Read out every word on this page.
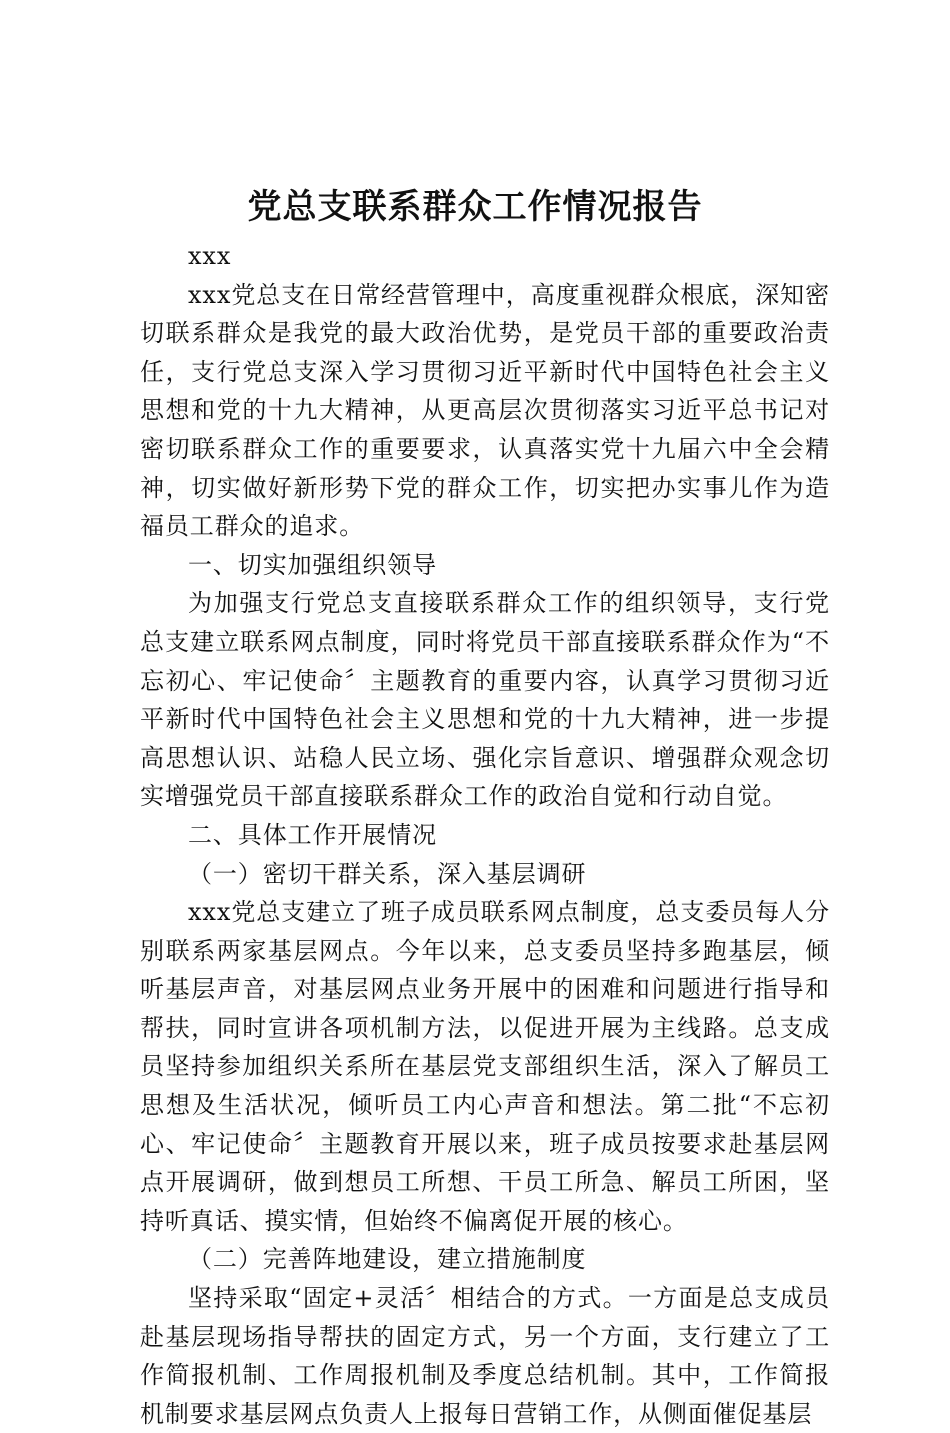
党总支联系群众工作情况报告

xxx

xxx党总支在日常经营管理中，高度重视群众根底，深知密切联系群众是我党的最大政治优势，是党员干部的重要政治责任，支行党总支深入学习贯彻习近平新时代中国特色社会主义思想和党的十九大精神，从更高层次贯彻落实习近平总书记对密切联系群众工作的重要要求，认真落实党十九届六中全会精神，切实做好新形势下党的群众工作，切实把办实事儿作为造福员工群众的追求。

一、切实加强组织领导

为加强支行党总支直接联系群众工作的组织领导，支行党总支建立联系网点制度，同时将党员干部直接联系群众作为“不忘初心、牢记使命〞主题教育的重要内容，认真学习贯彻习近平新时代中国特色社会主义思想和党的十九大精神，进一步提高思想认识、站稳人民立场、强化宗旨意识、增强群众观念切实增强党员干部直接联系群众工作的政治自觉和行动自觉。

二、具体工作开展情况

（一）密切干群关系，深入基层调研

xxx党总支建立了班子成员联系网点制度，总支委员每人分别联系两家基层网点。今年以来，总支委员坚持多跑基层，倾听基层声音，对基层网点业务开展中的困难和问题进行指导和帮扶，同时宣讲各项机制方法，以促进开展为主线路。总支成员坚持参加组织关系所在基层党支部组织生活，深入了解员工思想及生活状况，倾听员工内心声音和想法。第二批“不忘初心、牢记使命〞主题教育开展以来，班子成员按要求赴基层网点开展调研，做到想员工所想、干员工所急、解员工所困，坚持听真话、摸实情，但始终不偏离促开展的核心。

（二）完善阵地建设，建立措施制度

坚持采取“固定+灵活〞相结合的方式。一方面是总支成员赴基层现场指导帮扶的固定方式，另一个方面，支行建立了工作简报机制、工作周报机制及季度总结机制。其中，工作简报机制要求基层网点负责人上报每日营销工作，从侧面催促基层
